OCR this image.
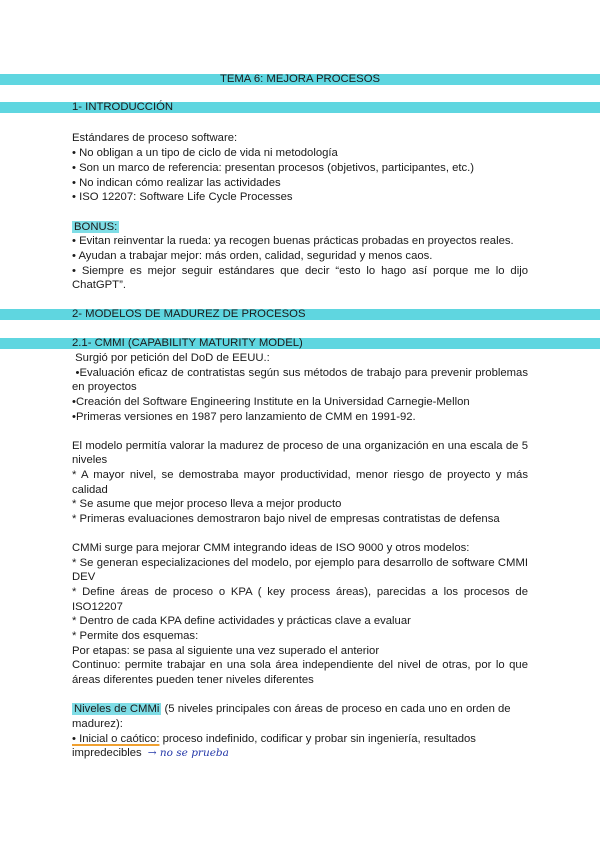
TEMA 6: MEJORA PROCESOS
1- INTRODUCCIÓN
Estándares de proceso software:
• No obligan a un tipo de ciclo de vida ni metodología
• Son un marco de referencia: presentan procesos (objetivos, participantes, etc.)
• No indican cómo realizar las actividades
• ISO 12207: Software Life Cycle Processes
BONUS:
• Evitan reinventar la rueda: ya recogen buenas prácticas probadas en proyectos reales.
• Ayudan a trabajar mejor: más orden, calidad, seguridad y menos caos.
• Siempre es mejor seguir estándares que decir “esto lo hago así porque me lo dijo
ChatGPT”.
2- MODELOS DE MADUREZ DE PROCESOS
2.1- CMMI (CAPABILITY MATURITY MODEL)
Surgió por petición del DoD de EEUU.:
•Evaluación eficaz de contratistas según sus métodos de trabajo para prevenir problemas
en proyectos
•Creación del Software Engineering Institute en la Universidad Carnegie-Mellon
•Primeras versiones en 1987 pero lanzamiento de CMM en 1991-92.
El modelo permitía valorar la madurez de proceso de una organización en una escala de 5
niveles
* A mayor nivel, se demostraba mayor productividad, menor riesgo de proyecto y más
calidad
* Se asume que mejor proceso lleva a mejor producto
* Primeras evaluaciones demostraron bajo nivel de empresas contratistas de defensa
CMMi surge para mejorar CMM integrando ideas de ISO 9000 y otros modelos:
* Se generan especializaciones del modelo, por ejemplo para desarrollo de software CMMI
DEV
* Define áreas de proceso o KPA ( key process áreas), parecidas a los procesos de
ISO12207
* Dentro de cada KPA define actividades y prácticas clave a evaluar
* Permite dos esquemas:
Por etapas: se pasa al siguiente una vez superado el anterior
Continuo: permite trabajar en una sola área independiente del nivel de otras, por lo que
áreas diferentes pueden tener niveles diferentes
Niveles de CMMi (5 niveles principales con áreas de proceso en cada uno en orden de
madurez):
• Inicial o caótico: proceso indefinido, codificar y probar sin ingeniería, resultados
impredecibles → no se prueba
